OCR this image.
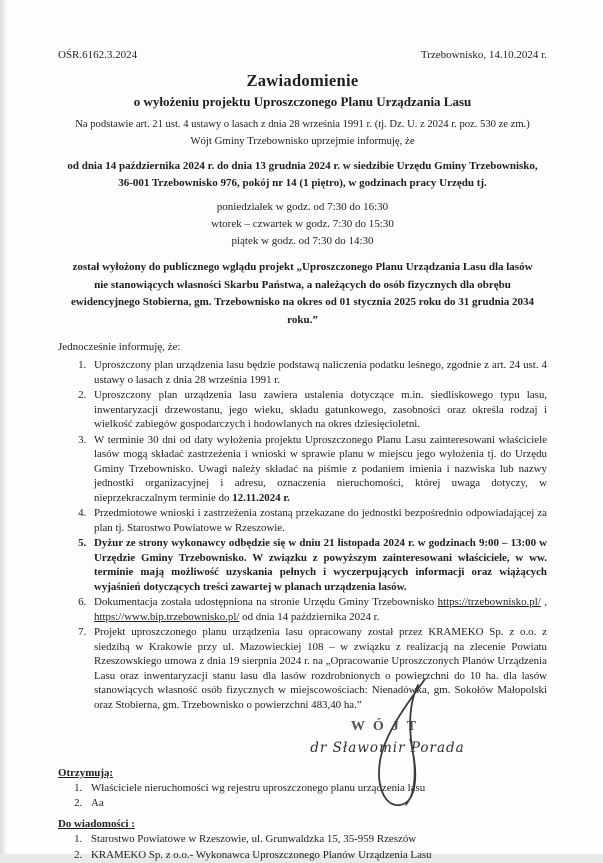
OŚR.6162.3.2024	Trzebownisko, 14.10.2024 r.
Zawiadomienie
o wyłożeniu projektu Uproszczonego Planu Urządzania Lasu

Na podstawie art. 21 ust. 4 ustawy o lasach z dnia 28 września 1991 r. (tj. Dz. U. z 2024 r. poz. 530 ze zm.)

Wójt Gminy Trzebownisko uprzejmie informuję, że

od dnia 14 października 2024 r. do dnia 13 grudnia 2024 r. w siedzibie Urzędu Gminy Trzebownisko,
36-001 Trzebownisko 976, pokój nr 14 (1 piętro), w godzinach pracy Urzędu tj.

poniedziałek w godz. od 7:30 do 16:30
wtorek – czwartek w godz. 7:30 do 15:30
piątek w godz. od 7:30 do 14:30

został wyłożony do publicznego wglądu projekt „Uproszczonego Planu Urządzania Lasu dla lasów nie stanowiących własności Skarbu Państwa, a należących do osób fizycznych dla obrębu ewidencyjnego Stobierna, gm. Trzebownisko na okres od 01 stycznia 2025 roku do 31 grudnia 2034 roku.”

Jednocześnie informuję, że:

1. Uproszczony plan urządzenia lasu będzie podstawą naliczenia podatku leśnego, zgodnie z art. 24 ust. 4 ustawy o lasach z dnia 28 września 1991 r.
2. Uproszczony plan urządzenia lasu zawiera ustalenia dotyczące m.in. siedliskowego typu lasu, inwentaryzacji drzewostanu, jego wieku, składu gatunkowego, zasobności oraz określa rodzaj i wielkość zabiegów gospodarczych i hodowlanych na okres dziesięcioletni.
3. W terminie 30 dni od daty wyłożenia projektu Uproszczonego Planu Lasu zainteresowani właściciele lasów mogą składać zastrzeżenia i wnioski w sprawie planu w miejscu jego wyłożenia tj. do Urzędu Gminy Trzebownisko. Uwagi należy składać na piśmie z podaniem imienia i nazwiska lub nazwy jednostki organizacyjnej i adresu, oznaczenia nieruchomości, której uwaga dotyczy, w nieprzekraczalnym terminie do 12.11.2024 r.
4. Przedmiotowe wnioski i zastrzeżenia zostaną przekazane do jednostki bezpośrednio odpowiadającej za plan tj. Starostwo Powiatowe w Rzeszowie.
5. Dyżur ze strony wykonawcy odbędzie się w dniu 21 listopada 2024 r. w godzinach 9:00 – 13:00 w Urzędzie Gminy Trzebownisko. W związku z powyższym zainteresowani właściciele, w ww. terminie mają możliwość uzyskania pełnych i wyczerpujących informacji oraz wiążących wyjaśnień dotyczących treści zawartej w planach urządzenia lasów.
6. Dokumentacja została udostępniona na stronie Urzędu Gminy Trzebownisko https://trzebownisko.pl/ , https://www.bip.trzebownisko.pl/ od dnia 14 października 2024 r.
7. Projekt uproszczonego planu urządzenia lasu opracowany został przez KRAMEKO Sp. z o.o. z siedzibą w Krakowie przy ul. Mazowieckiej 108 – w związku z realizacją na zlecenie Powiatu Rzeszowskiego umowa z dnia 19 sierpnia 2024 r. na „Opracowanie Uproszczonych Planów Urządzenia Lasu oraz inwentaryzacji stanu lasu dla lasów rozdrobnionych o powierzchni do 10 ha. dla lasów stanowiących własność osób fizycznych w miejscowościach: Nienadówka, gm. Sokołów Małopolski oraz Stobierna, gm. Trzebownisko o powierzchni 483,40 ha.”
WÓJT
dr Sławomir Porada
Otrzymują:
1. Właściciele nieruchomości wg rejestru uproszczonego planu urządzenia lasu
2. Aa
Do wiadomości :
1. Starostwo Powiatowe w Rzeszowie, ul. Grunwaldzka 15, 35-959 Rzeszów
2. KRAMEKO Sp. z o.o.- Wykonawca Uproszczonego Planów Urządzenia Lasu
